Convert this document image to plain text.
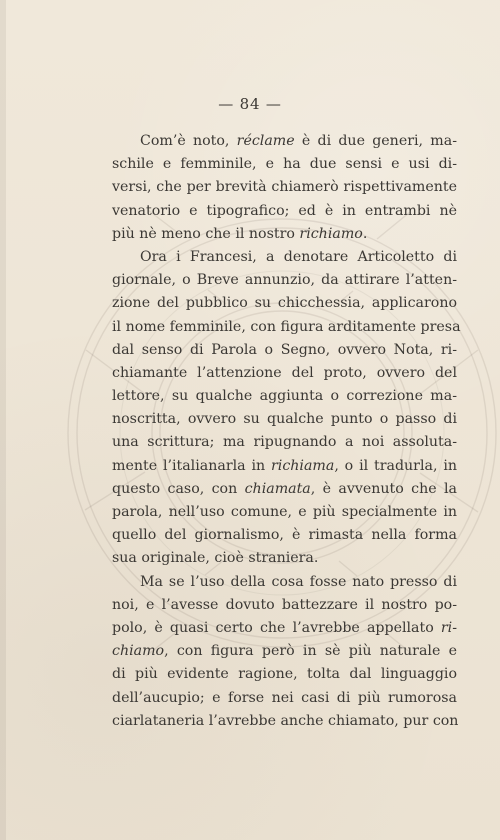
— 84 —
Com’è noto, réclame è di due generi, ma-
schile e femminile, e ha due sensi e usi di-
versi, che per brevità chiamerò rispettivamente
venatorio e tipografico; ed è in entrambi nè
più nè meno che il nostro richiamo.
Ora i Francesi, a denotare Articoletto di
giornale, o Breve annunzio, da attirare l’atten-
zione del pubblico su chicchessia, applicarono
il nome femminile, con figura arditamente presa
dal senso di Parola o Segno, ovvero Nota, ri-
chiamante l’attenzione del proto, ovvero del
lettore, su qualche aggiunta o correzione ma-
noscritta, ovvero su qualche punto o passo di
una scrittura; ma ripugnando a noi assoluta-
mente l’italianarla in richiama, o il tradurla, in
questo caso, con chiamata, è avvenuto che la
parola, nell’uso comune, e più specialmente in
quello del giornalismo, è rimasta nella forma
sua originale, cioè straniera.
Ma se l’uso della cosa fosse nato presso di
noi, e l’avesse dovuto battezzare il nostro po-
polo, è quasi certo che l’avrebbe appellato ri-
chiamo, con figura però in sè più naturale e
di più evidente ragione, tolta dal linguaggio
dell’aucupio; e forse nei casi di più rumorosa
ciarlataneria l’avrebbe anche chiamato, pur con
